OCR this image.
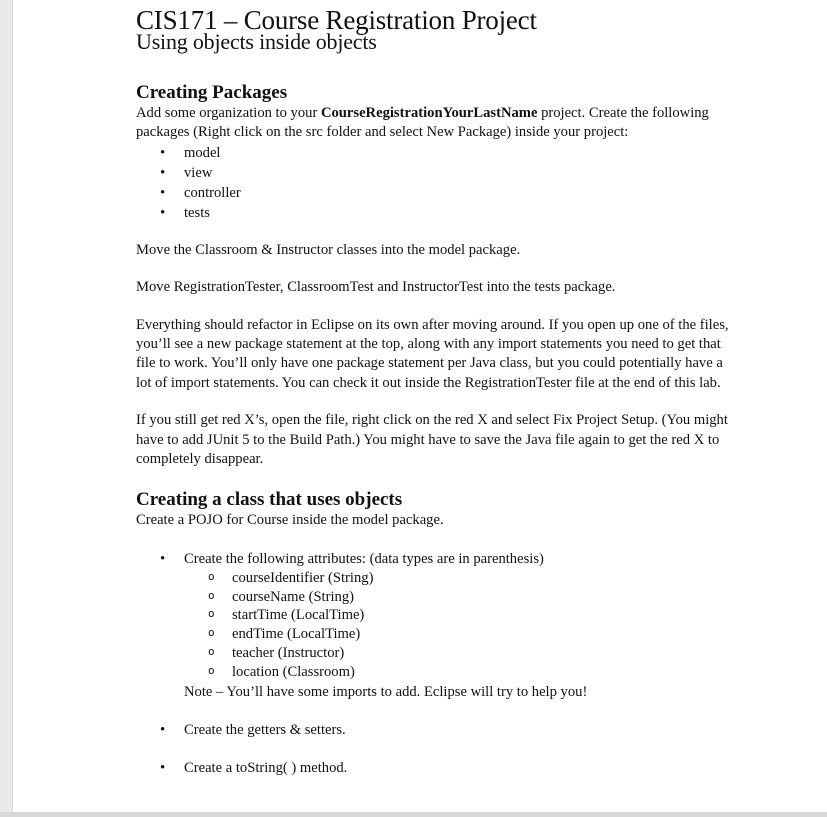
CIS171 – Course Registration Project
Using objects inside objects
Creating Packages

Add some organization to your CourseRegistrationYourLastName project. Create the following packages (Right click on the src folder and select New Package) inside your project:

• model
• view
• controller
• tests

Move the Classroom & Instructor classes into the model package.

Move RegistrationTester, ClassroomTest and InstructorTest into the tests package.

Everything should refactor in Eclipse on its own after moving around. If you open up one of the files, you’ll see a new package statement at the top, along with any import statements you need to get that file to work. You’ll only have one package statement per Java class, but you could potentially have a lot of import statements. You can check it out inside the RegistrationTester file at the end of this lab.

If you still get red X’s, open the file, right click on the red X and select Fix Project Setup. (You might have to add JUnit 5 to the Build Path.) You might have to save the Java file again to get the red X to completely disappear.

Creating a class that uses objects

Create a POJO for Course inside the model package.

• Create the following attributes: (data types are in parenthesis)
o courseIdentifier (String)
o courseName (String)
o startTime (LocalTime)
o endTime (LocalTime)
o teacher (Instructor)
o location (Classroom)
Note – You’ll have some imports to add. Eclipse will try to help you!
• Create the getters & setters.
• Create a toString( ) method.
